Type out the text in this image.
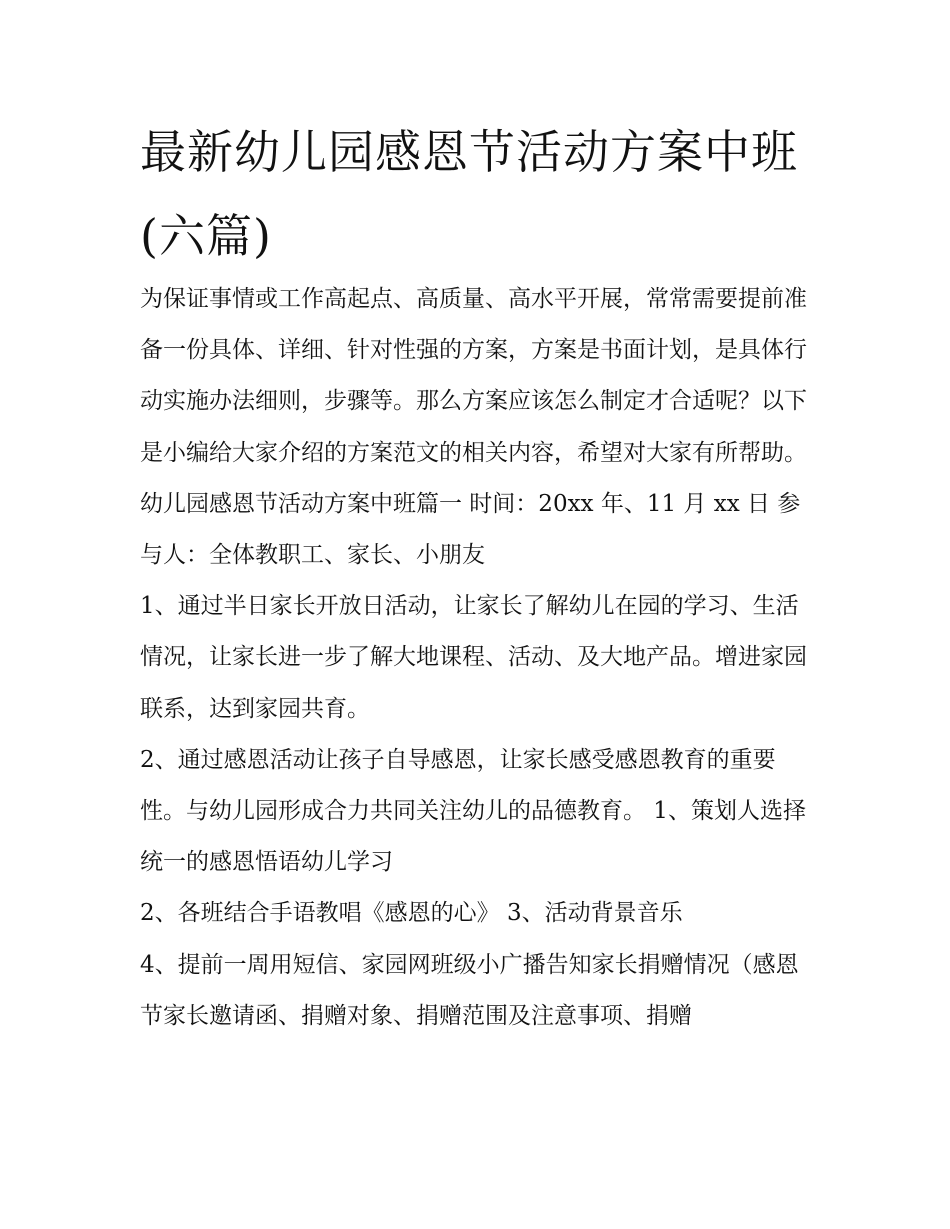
最新幼儿园感恩节活动方案中班(六篇)

为保证事情或工作高起点、高质量、高水平开展，常常需要提前准备一份具体、详细、针对性强的方案，方案是书面计划，是具体行动实施办法细则，步骤等。那么方案应该怎么制定才合适呢？以下是小编给大家介绍的方案范文的相关内容，希望对大家有所帮助。

幼儿园感恩节活动方案中班篇一 时间：20xx 年、11 月 xx 日 参与人：全体教职工、家长、小朋友

1、通过半日家长开放日活动，让家长了解幼儿在园的学习、生活情况，让家长进一步了解大地课程、活动、及大地产品。增进家园联系，达到家园共育。

2、通过感恩活动让孩子自导感恩，让家长感受感恩教育的重要性。与幼儿园形成合力共同关注幼儿的品德教育。 1、策划人选择统一的感恩悟语幼儿学习

2、各班结合手语教唱《感恩的心》 3、活动背景音乐

4、提前一周用短信、家园网班级小广播告知家长捐赠情况（感恩节家长邀请函、捐赠对象、捐赠范围及注意事项、捐赠
